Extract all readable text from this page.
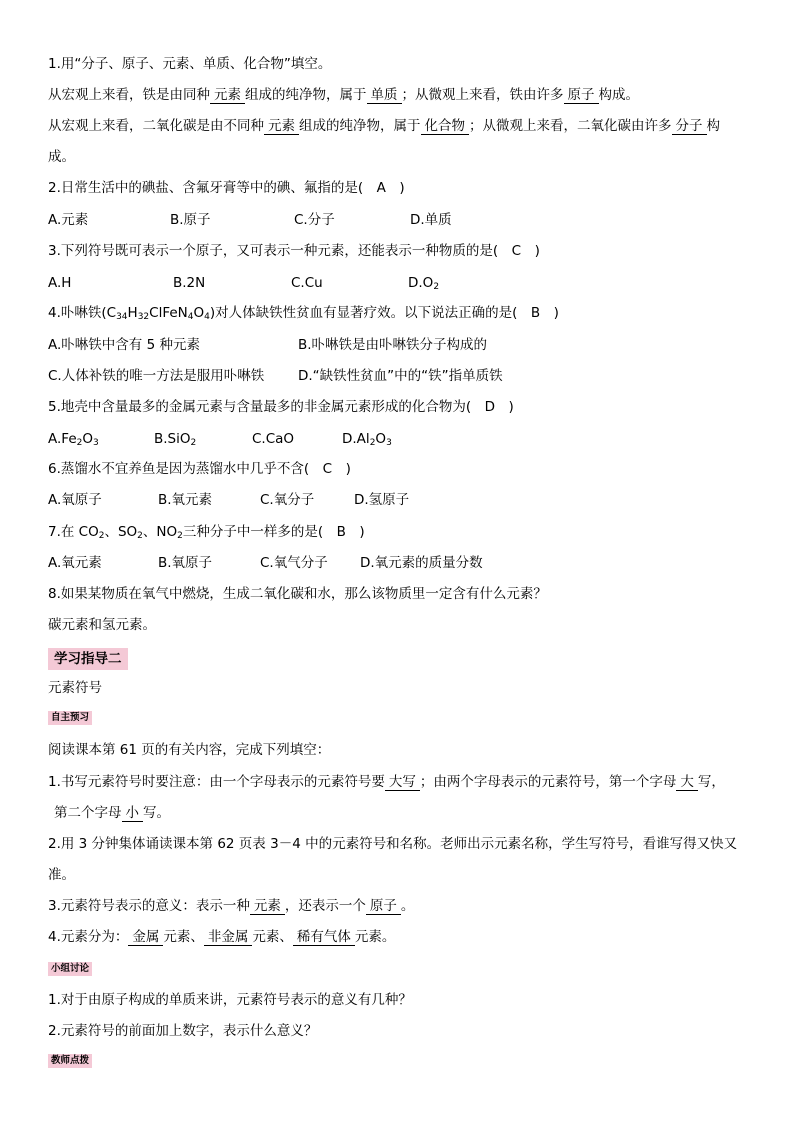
1.用“分子、原子、元素、单质、化合物”填空。
从宏观上来看，铁是由同种 元素 组成的纯净物，属于 单质 ；从微观上来看，铁由许多 原子 构成。
从宏观上来看，二氧化碳是由不同种 元素 组成的纯净物，属于 化合物 ；从微观上来看，二氧化碳由许多 分子 构
成。
2.日常生活中的碘盐、含氟牙膏等中的碘、氟指的是(　A　)
A.元素	B.原子	C.分子	D.单质
3.下列符号既可表示一个原子，又可表示一种元素，还能表示一种物质的是(　C　)
A.H	B.2N	C.Cu	$D.O_2$
4.卟啉铁$(C_{34}H_{32}ClFeN_4O_4)$对人体缺铁性贫血有显著疗效。以下说法正确的是(　B　)
A.卟啉铁中含有 5 种元素	B.卟啉铁是由卟啉铁分子构成的
C.人体补铁的唯一方法是服用卟啉铁	D.“缺铁性贫血”中的“铁”指单质铁
5.地壳中含量最多的金属元素与含量最多的非金属元素形成的化合物为(　D　)
$A.Fe_2O_3$	B.SiO$_2$	C.CaO	$D.Al_2O_3$
6.蒸馏水不宜养鱼是因为蒸馏水中几乎不含(　C　)
A.氧原子	B.氧元素	C.氧分子	D.氢原子
7.在 $CO_2$、$SO_2$、$NO_2$三种分子中一样多的是(　B　)
A.氧元素	B.氧原子	C.氧气分子 D.氧元素的质量分数
8.如果某物质在氧气中燃烧，生成二氧化碳和水，那么该物质里一定含有什么元素？
碳元素和氢元素。
学习指导二
元素符号
自主预习
阅读课本第 61 页的有关内容，完成下列填空：
1.书写元素符号时要注意：由一个字母表示的元素符号要 大写 ；由两个字母表示的元素符号，第一个字母 大 写，
第二个字母 小 写。
2.用 3 分钟集体诵读课本第 62 页表 3－4 中的元素符号和名称。老师出示元素名称，学生写符号，看谁写得又快又
准。
3.元素符号表示的意义：表示一种 元素 ，还表示一个 原子 。
4.元素分为： 金属 元素、 非金属 元素、 稀有气体 元素。
小组讨论
1.对于由原子构成的单质来讲，元素符号表示的意义有几种？
2.元素符号的前面加上数字，表示什么意义？
教师点拨
